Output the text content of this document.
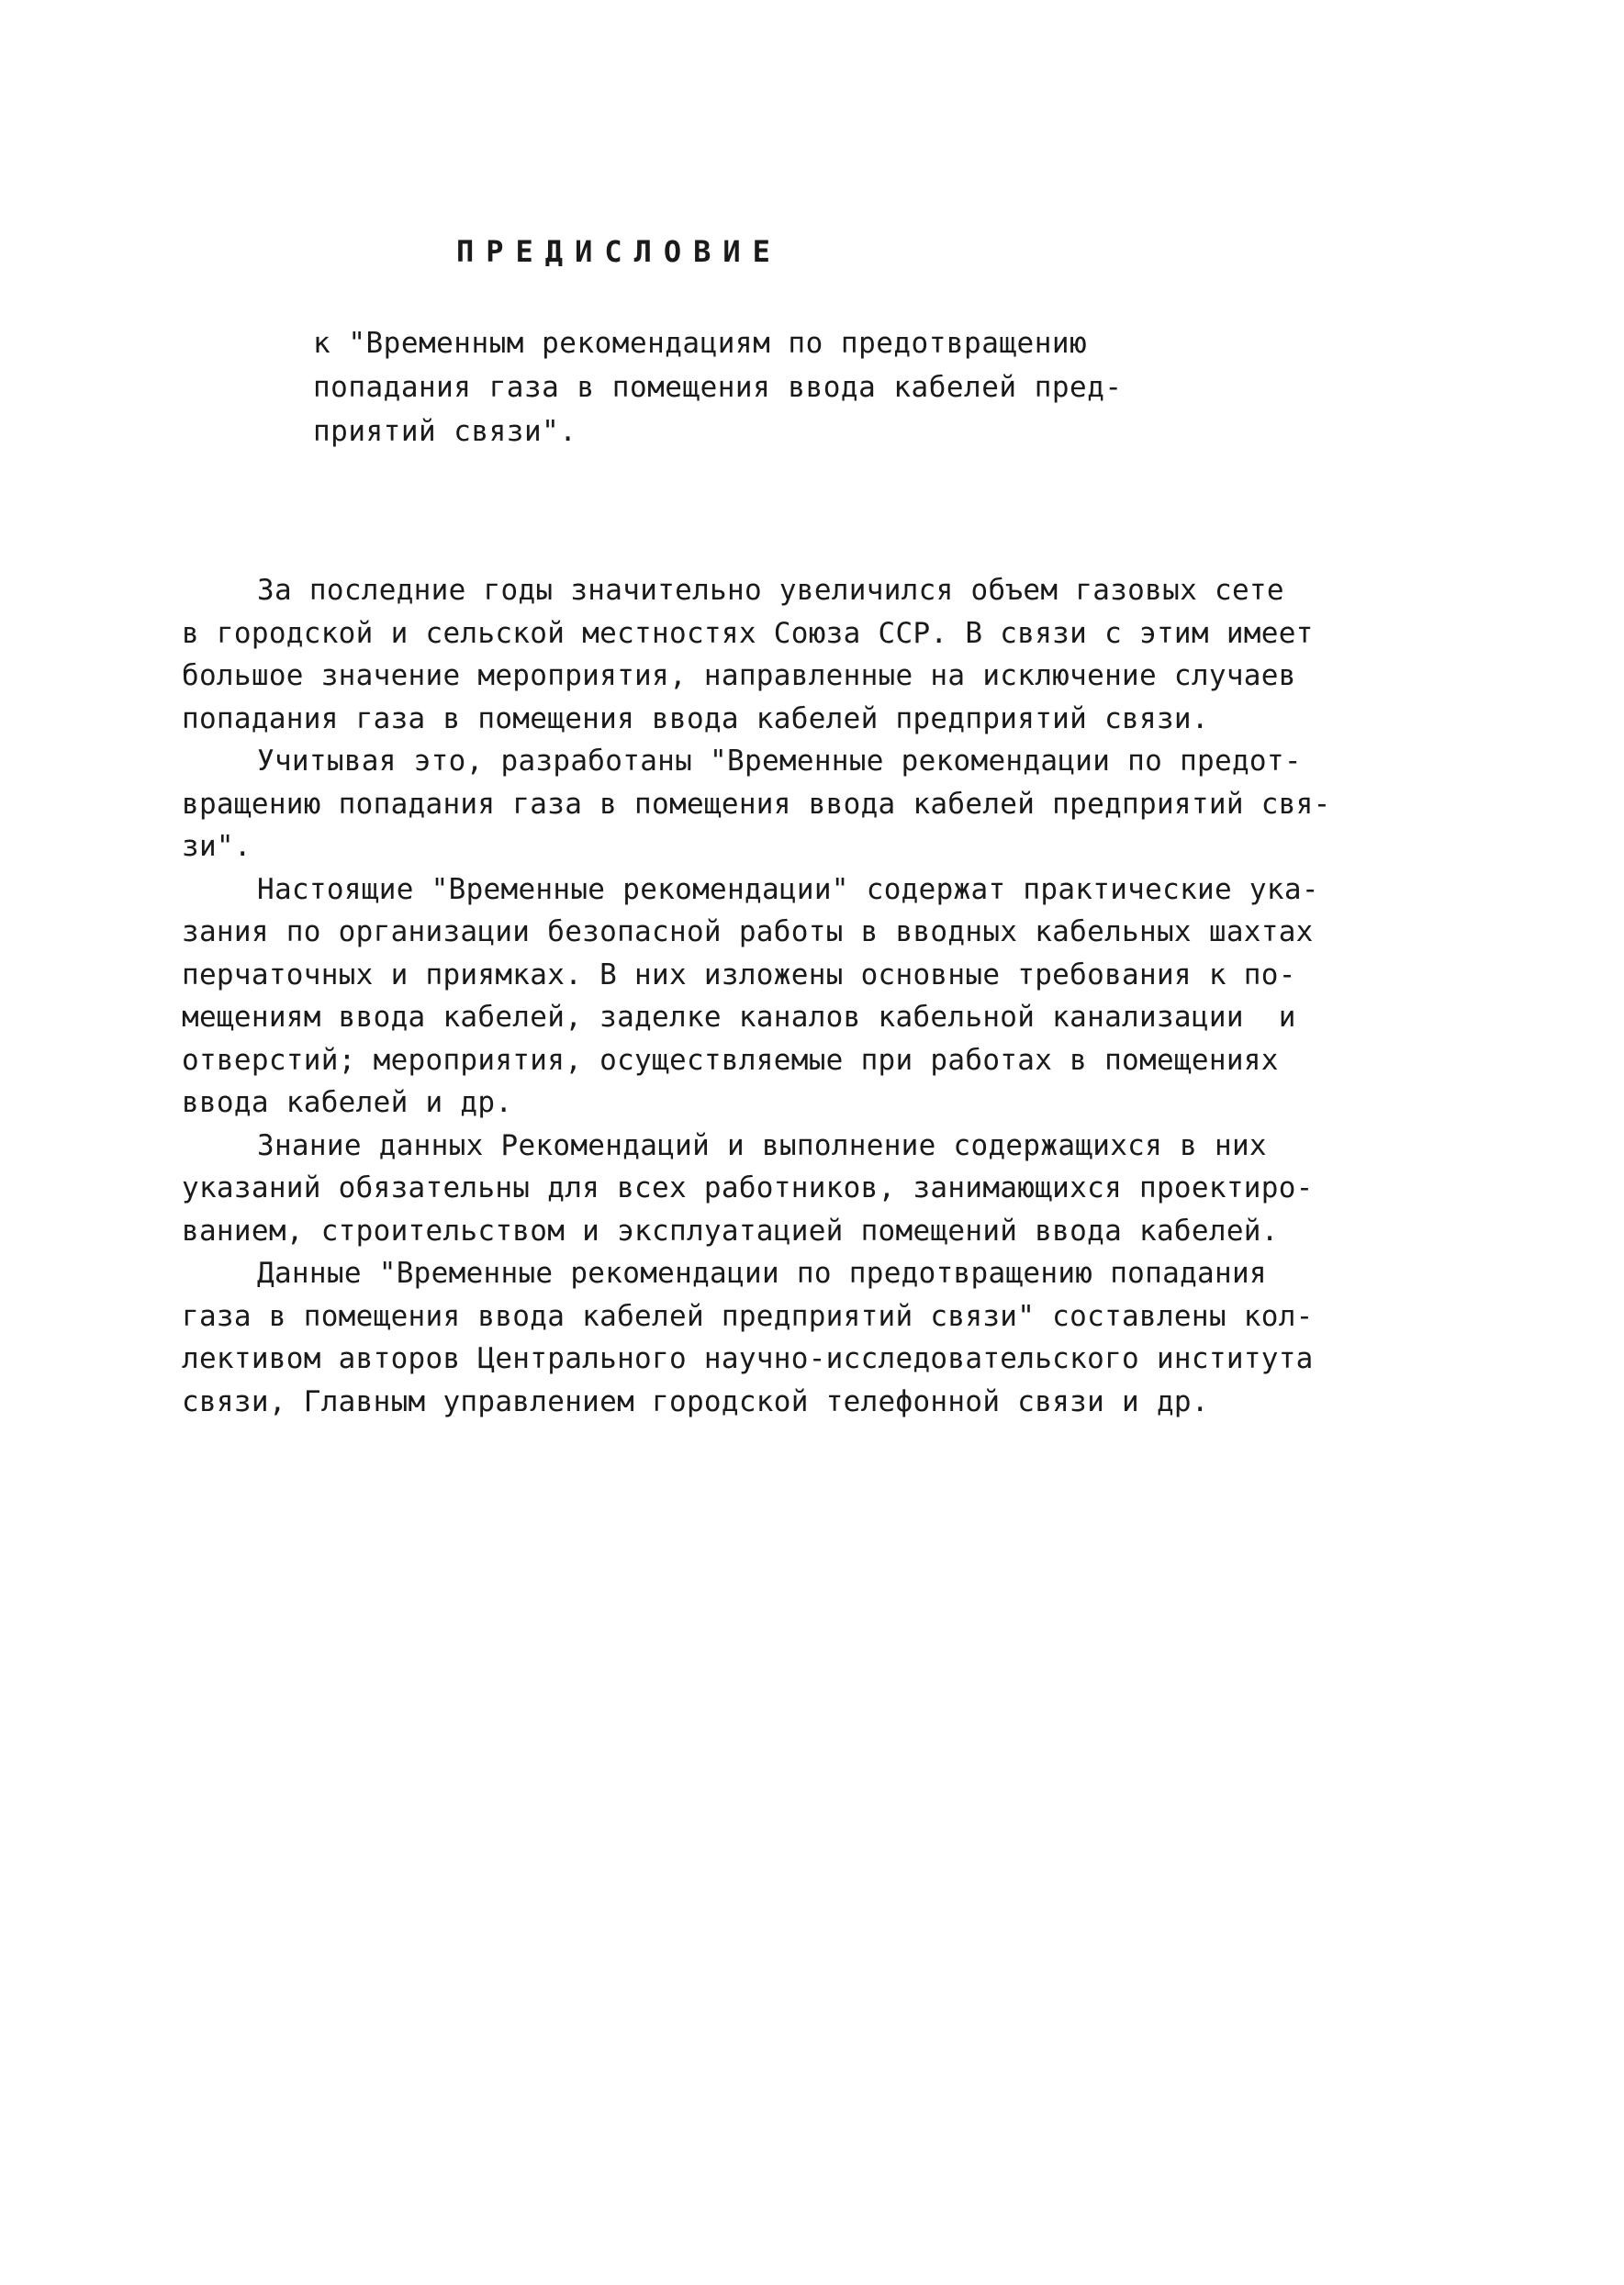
ПРЕДИСЛОВИЕ
к "Временным рекомендациям по предотвращению
попадания газа в помещения ввода кабелей пред-
приятий связи".
За последние годы значительно увеличился объем газовых сете
в городской и сельской местностях Союза ССР. В связи с этим имеет
большое значение мероприятия, направленные на исключение случаев
попадания газа в помещения ввода кабелей предприятий связи.
Учитывая это, разработаны "Временные рекомендации по предот-
вращению попадания газа в помещения ввода кабелей предприятий свя-
зи".
Настоящие "Временные рекомендации" содержат практические ука-
зания по организации безопасной работы в вводных кабельных шахтах
перчаточных и приямках. В них изложены основные требования к по-
мещениям ввода кабелей, заделке каналов кабельной канализации  и
отверстий; мероприятия, осуществляемые при работах в помещениях
ввода кабелей и др.
Знание данных Рекомендаций и выполнение содержащихся в них
указаний обязательны для всех работников, занимающихся проектиро-
ванием, строительством и эксплуатацией помещений ввода кабелей.
Данные "Временные рекомендации по предотвращению попадания
газа в помещения ввода кабелей предприятий связи" составлены кол-
лективом авторов Центрального научно-исследовательского института
связи, Главным управлением городской телефонной связи и др.
